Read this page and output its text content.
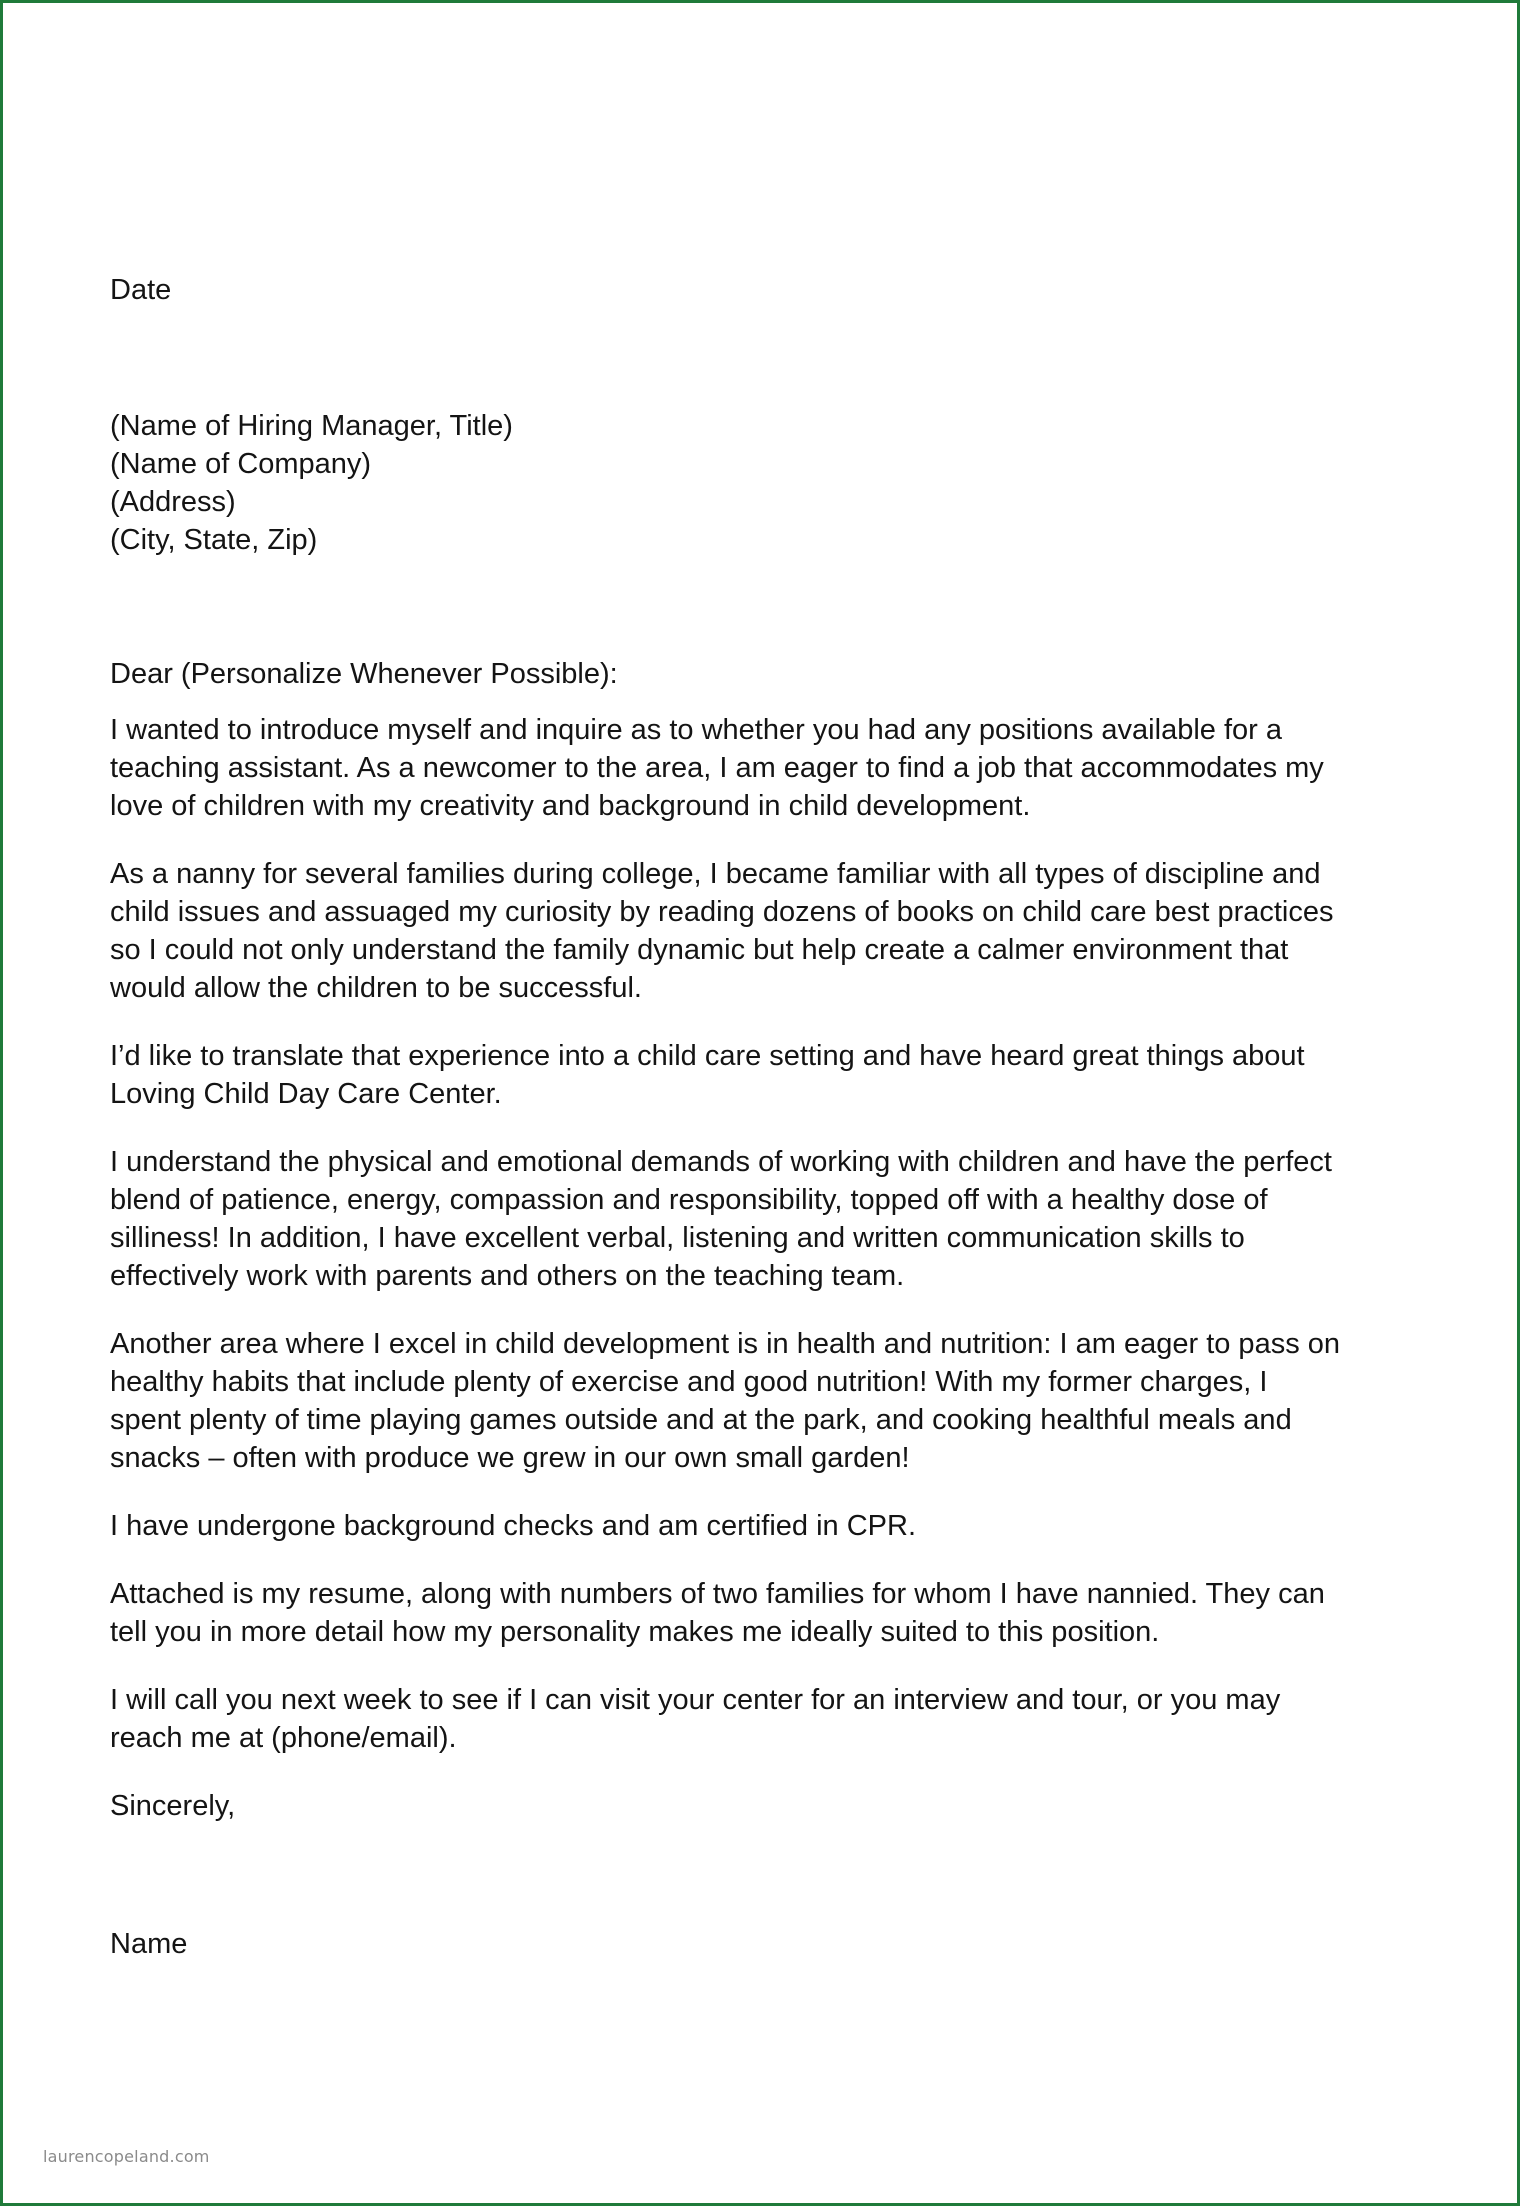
Date
(Name of Hiring Manager, Title)
(Name of Company)
(Address)
(City, State, Zip)
Dear (Personalize Whenever Possible):
I wanted to introduce myself and inquire as to whether you had any positions available for a
teaching assistant. As a newcomer to the area, I am eager to find a job that accommodates my
love of children with my creativity and background in child development.
As a nanny for several families during college, I became familiar with all types of discipline and
child issues and assuaged my curiosity by reading dozens of books on child care best practices
so I could not only understand the family dynamic but help create a calmer environment that
would allow the children to be successful.
I’d like to translate that experience into a child care setting and have heard great things about
Loving Child Day Care Center.
I understand the physical and emotional demands of working with children and have the perfect
blend of patience, energy, compassion and responsibility, topped off with a healthy dose of
silliness! In addition, I have excellent verbal, listening and written communication skills to
effectively work with parents and others on the teaching team.
Another area where I excel in child development is in health and nutrition: I am eager to pass on
healthy habits that include plenty of exercise and good nutrition! With my former charges, I
spent plenty of time playing games outside and at the park, and cooking healthful meals and
snacks – often with produce we grew in our own small garden!
I have undergone background checks and am certified in CPR.
Attached is my resume, along with numbers of two families for whom I have nannied. They can
tell you in more detail how my personality makes me ideally suited to this position.
I will call you next week to see if I can visit your center for an interview and tour, or you may
reach me at (phone/email).
Sincerely,
Name
laurencopeland.com
